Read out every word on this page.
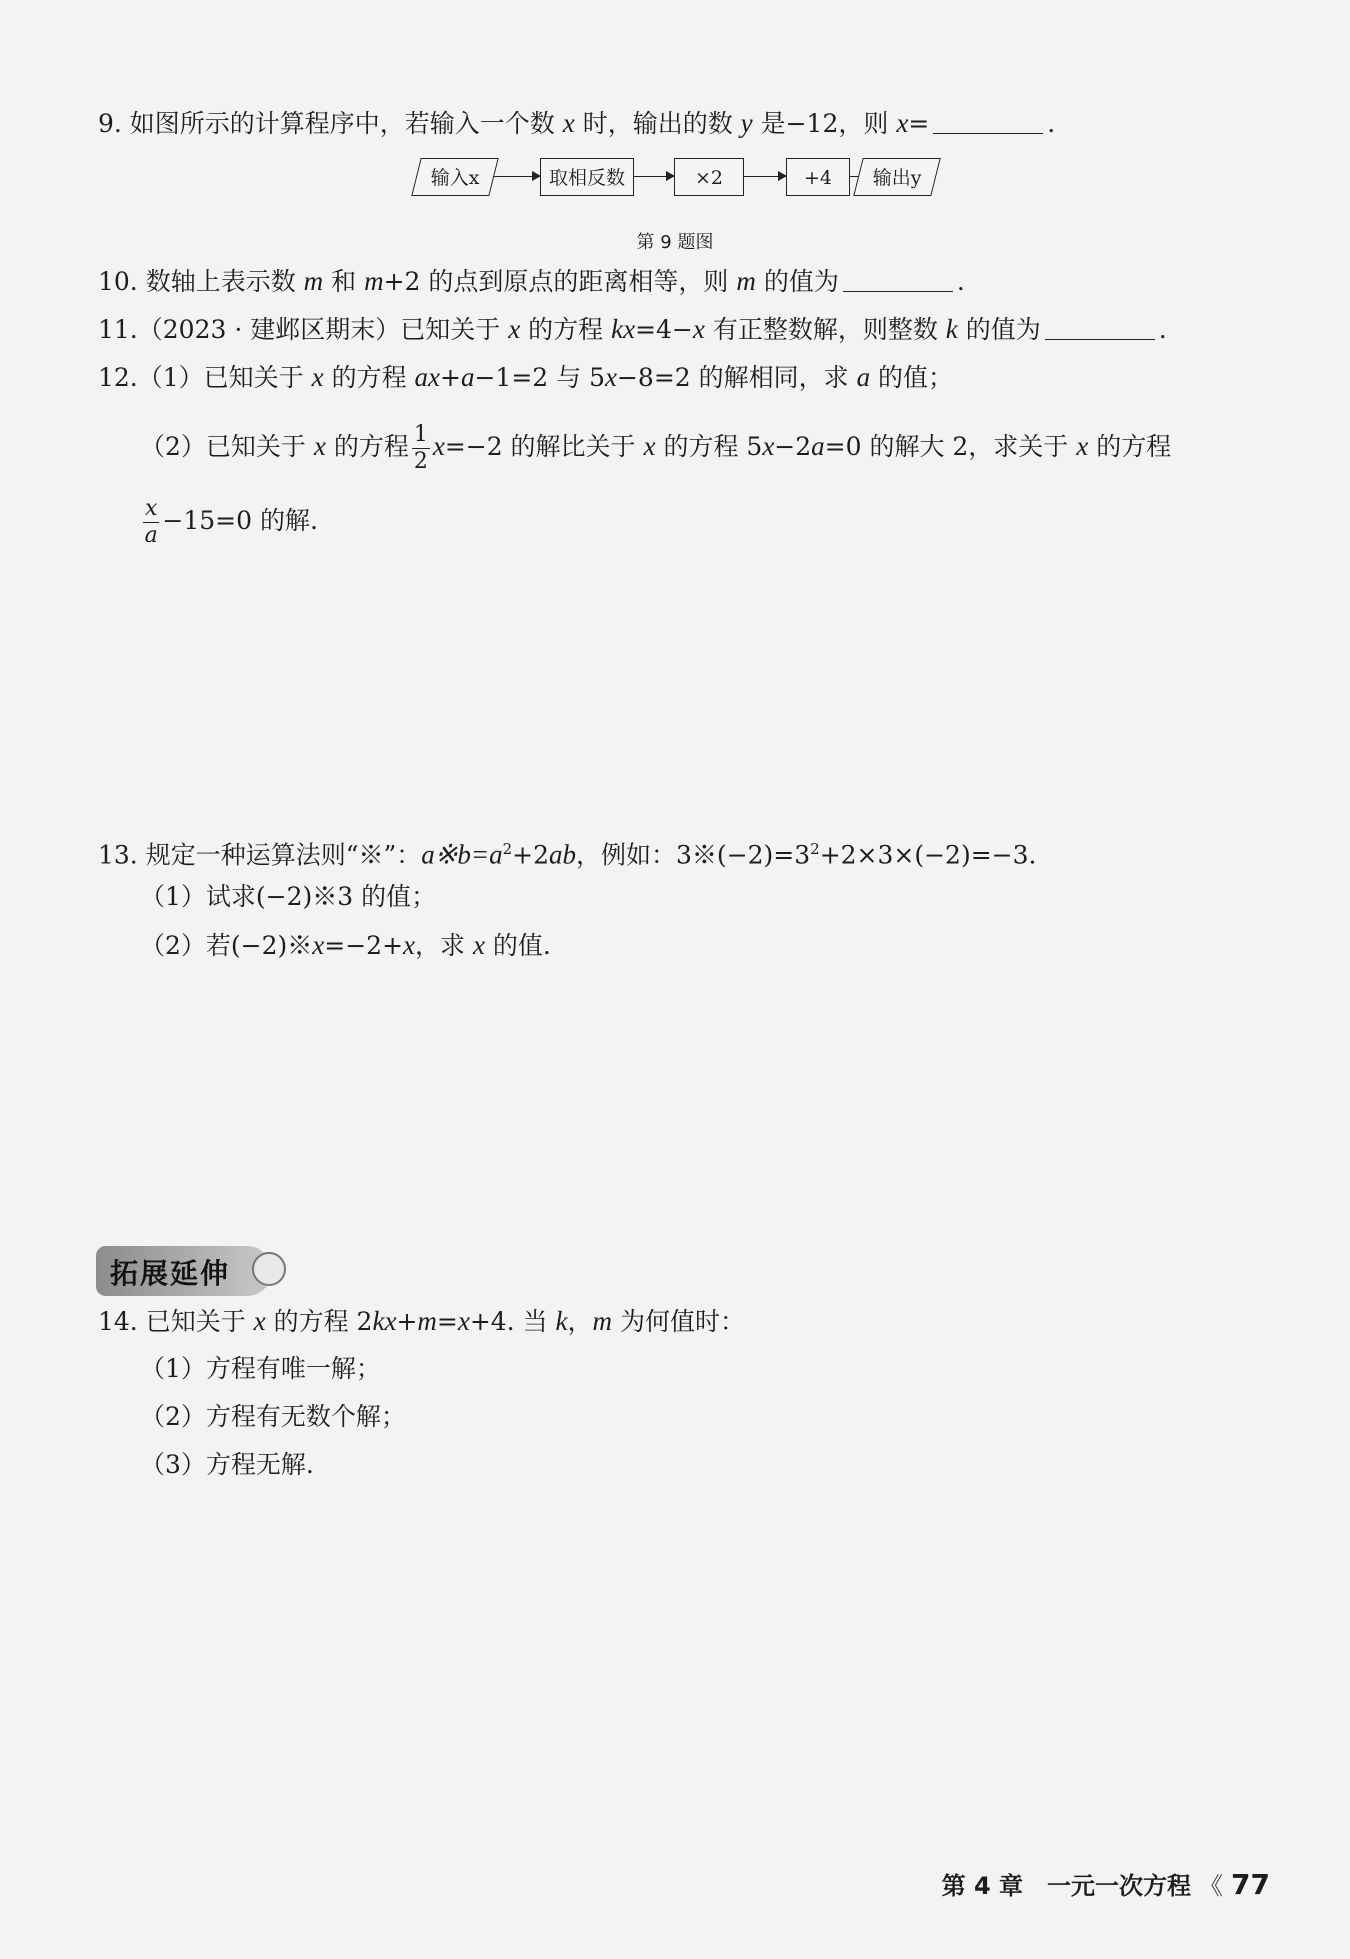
9. 如图所示的计算程序中，若输入一个数 x 时，输出的数 y 是−12，则 x=	.
输入x	取相反数	×2	+4	输出y
第 9 题图
10. 数轴上表示数 m 和 m+2 的点到原点的距离相等，则 m 的值为	.
11.（2023 · 建邺区期末）已知关于 x 的方程 kx=4−x 有正整数解，则整数 k 的值为	.
12.（1）已知关于 x 的方程 ax+a−1=2 与 5x−8=2 的解相同，求 a 的值；
（2）已知关于 x 的方程 $\frac{1}{2} x=-2$ 的解比关于 x 的方程 5x−2a=0 的解大 2，求关于 x 的方程
$\frac{x}{a} -15=0$ 的解.
13. 规定一种运算法则“※”：$a※b=a^2+2ab$，例如：$3※(-2)=3^2+2\times 3\times(-2)=-3$.
（1）试求(−2)※3 的值；
（2）若(−2)※x=−2+x，求 x 的值.
拓展延伸
14. 已知关于 x 的方程 2kx+m=x+4. 当 k，m 为何值时：
（1）方程有唯一解；
（2）方程有无数个解；
（3）方程无解.
第 4 章　一元一次方程 《 77
